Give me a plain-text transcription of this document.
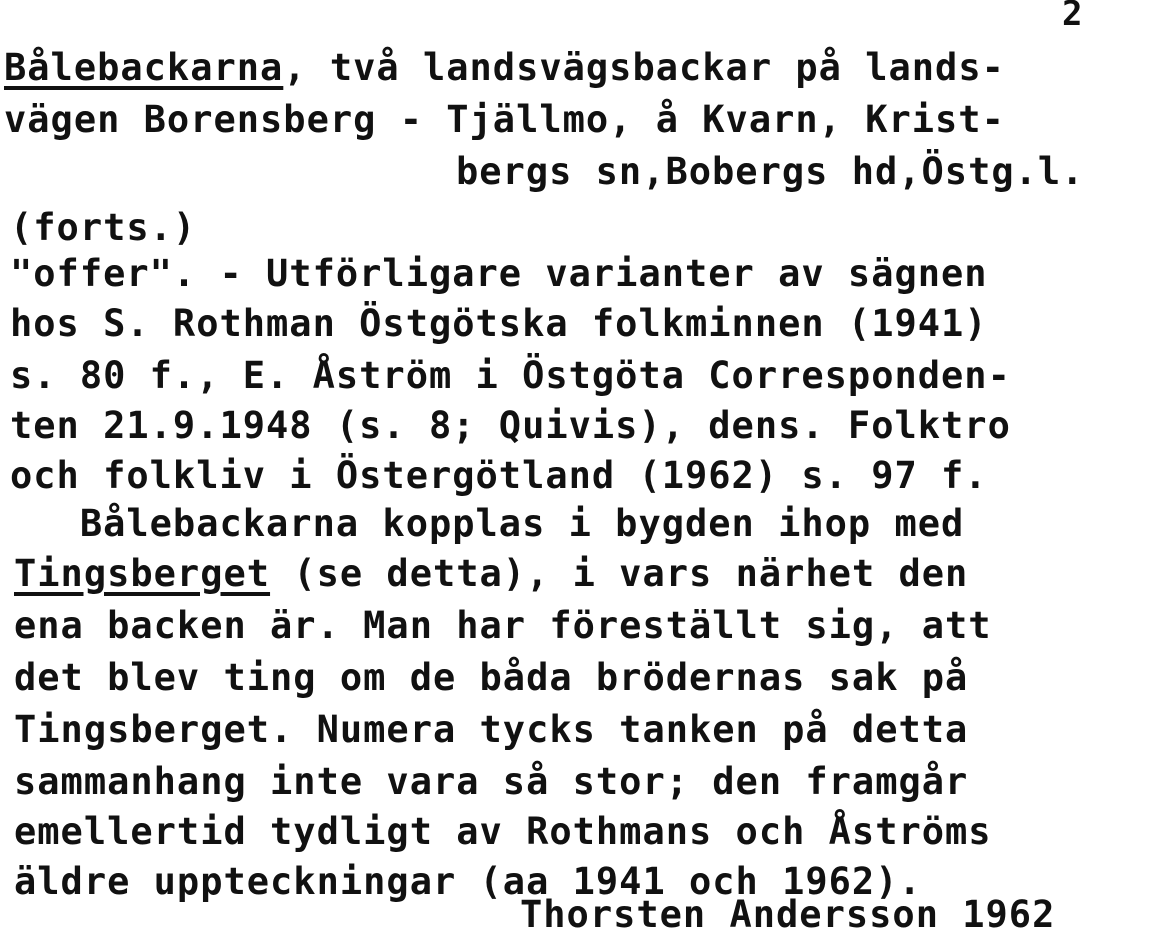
2
Bålebackarna, två landsvägsbackar på lands-
vägen Borensberg - Tjällmo, å Kvarn, Krist-
bergs sn,Bobergs hd,Östg.l.
(forts.)
"offer". - Utförligare varianter av sägnen
hos S. Rothman Östgötska folkminnen (1941)
s. 80 f., E. Åström i Östgöta Corresponden-
ten 21.9.1948 (s. 8; Quivis), dens. Folktro
och folkliv i Östergötland (1962) s. 97 f.
Bålebackarna kopplas i bygden ihop med
Tingsberget (se detta), i vars närhet den
ena backen är. Man har föreställt sig, att
det blev ting om de båda brödernas sak på
Tingsberget. Numera tycks tanken på detta
sammanhang inte vara så stor; den framgår
emellertid tydligt av Rothmans och Åströms
äldre uppteckningar (aa 1941 och 1962).
Thorsten Andersson 1962
